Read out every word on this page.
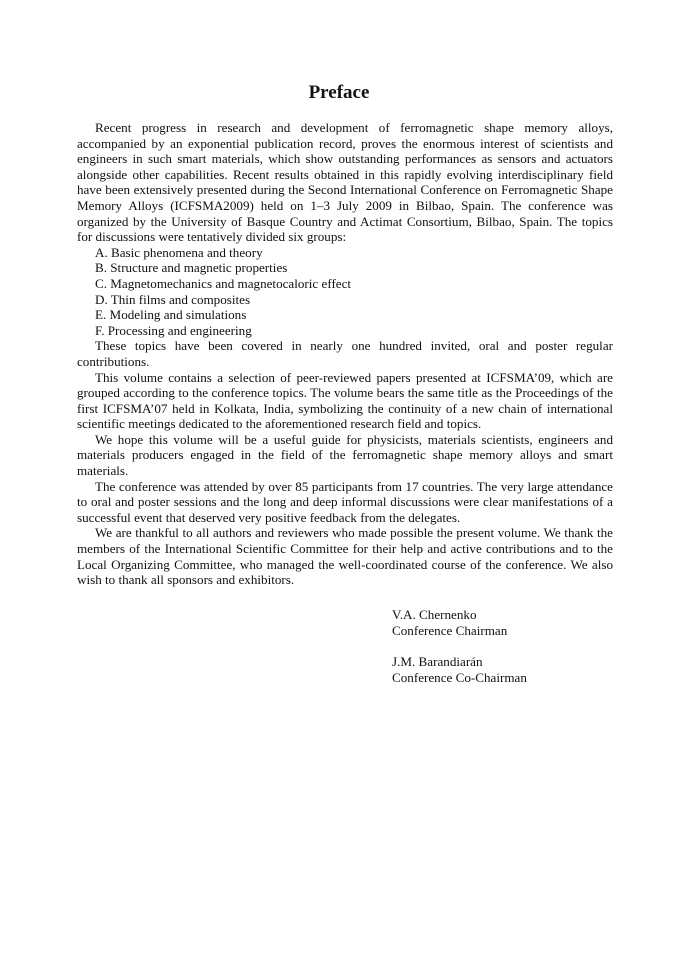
Preface

Recent progress in research and development of ferromagnetic shape memory alloys, accompanied by an exponential publication record, proves the enormous interest of scientists and engineers in such smart materials, which show outstanding performances as sensors and actuators alongside other capabilities. Recent results obtained in this rapidly evolving interdisciplinary field have been extensively presented during the Second International Conference on Ferromagnetic Shape Memory Alloys (ICFSMA2009) held on 1–3 July 2009 in Bilbao, Spain. The conference was organized by the University of Basque Country and Actimat Consortium, Bilbao, Spain. The topics for discussions were tentatively divided six groups:

A. Basic phenomena and theory
B. Structure and magnetic properties
C. Magnetomechanics and magnetocaloric effect
D. Thin films and composites
E. Modeling and simulations
F. Processing and engineering

These topics have been covered in nearly one hundred invited, oral and poster regular contributions.

This volume contains a selection of peer-reviewed papers presented at ICFSMA’09, which are grouped according to the conference topics. The volume bears the same title as the Proceedings of the first ICFSMA’07 held in Kolkata, India, symbolizing the continuity of a new chain of international scientific meetings dedicated to the aforementioned research field and topics.

We hope this volume will be a useful guide for physicists, materials scientists, engineers and materials producers engaged in the field of the ferromagnetic shape memory alloys and smart materials.

The conference was attended by over 85 participants from 17 countries. The very large attendance to oral and poster sessions and the long and deep informal discussions were clear manifestations of a successful event that deserved very positive feedback from the delegates.

We are thankful to all authors and reviewers who made possible the present volume. We thank the members of the International Scientific Committee for their help and active contributions and to the Local Organizing Committee, who managed the well-coordinated course of the conference. We also wish to thank all sponsors and exhibitors.

V.A. Chernenko
Conference Chairman
J.M. Barandiarán
Conference Co-Chairman
